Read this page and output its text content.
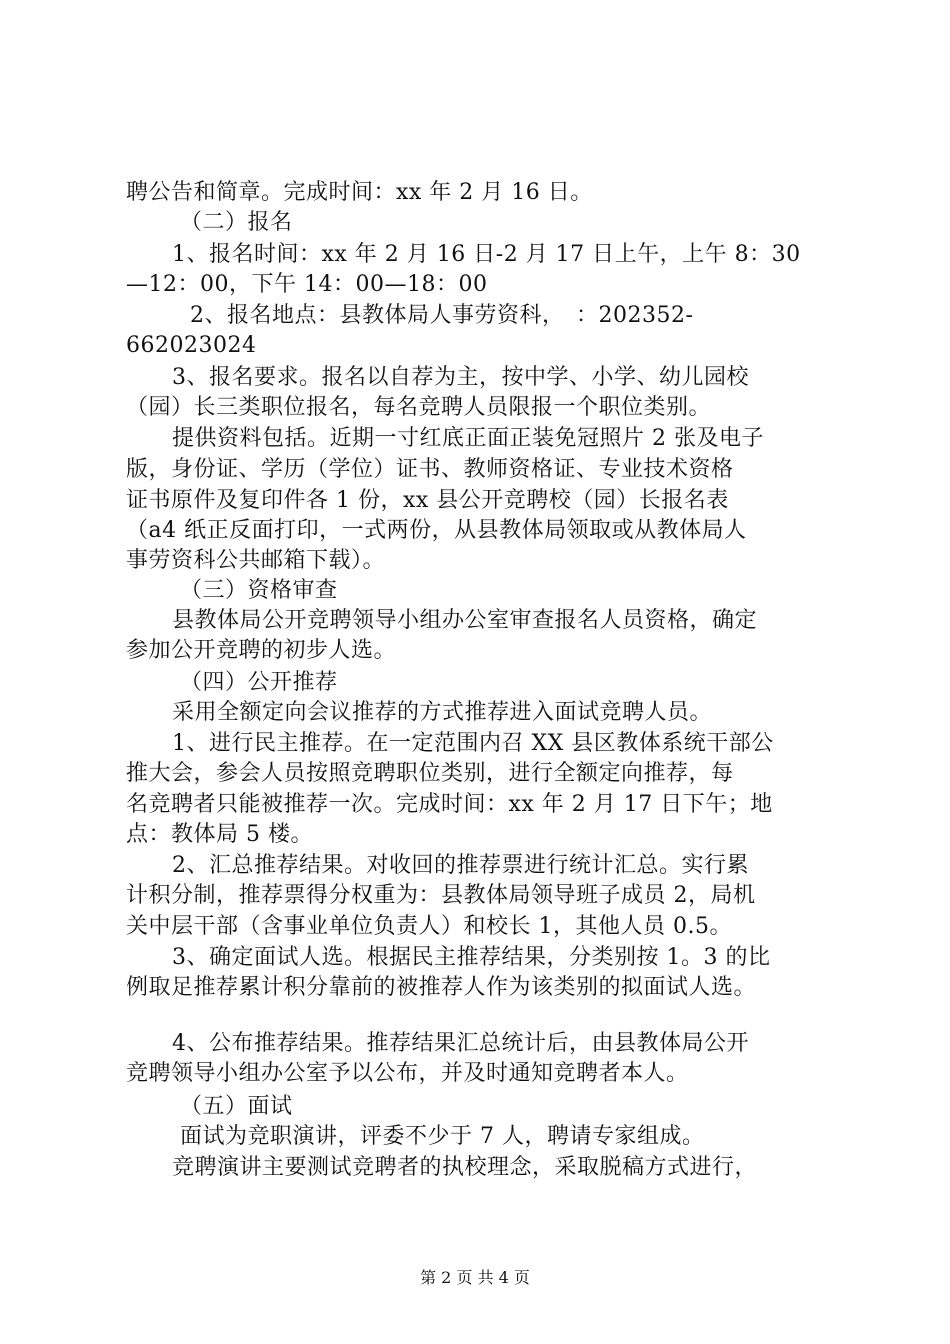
聘公告和简章。完成时间：xx 年 2 月 16 日。
（二）报名
1、报名时间：xx 年 2 月 16 日-2 月 17 日上午，上午 8：30
—12：00，下午 14：00—18：00
2、报名地点：县教体局人事劳资科， ：202352-
662023024
3、报名要求。报名以自荐为主，按中学、小学、幼儿园校
（园）长三类职位报名，每名竞聘人员限报一个职位类别。
提供资料包括。近期一寸红底正面正装免冠照片 2 张及电子
版，身份证、学历（学位）证书、教师资格证、专业技术资格
证书原件及复印件各 1 份，xx 县公开竞聘校（园）长报名表
（a4 纸正反面打印，一式两份，从县教体局领取或从教体局人
事劳资科公共邮箱下载）。
（三）资格审查
县教体局公开竞聘领导小组办公室审查报名人员资格，确定
参加公开竞聘的初步人选。
（四）公开推荐
采用全额定向会议推荐的方式推荐进入面试竞聘人员。
1、进行民主推荐。在一定范围内召 XX 县区教体系统干部公
推大会，参会人员按照竞聘职位类别，进行全额定向推荐，每
名竞聘者只能被推荐一次。完成时间：xx 年 2 月 17 日下午；地
点：教体局 5 楼。
2、汇总推荐结果。对收回的推荐票进行统计汇总。实行累
计积分制，推荐票得分权重为：县教体局领导班子成员 2，局机
关中层干部（含事业单位负责人）和校长 1，其他人员 0.5。
3、确定面试人选。根据民主推荐结果，分类别按 1。3 的比
例取足推荐累计积分靠前的被推荐人作为该类别的拟面试人选。
4、公布推荐结果。推荐结果汇总统计后，由县教体局公开
竞聘领导小组办公室予以公布，并及时通知竞聘者本人。
（五）面试
面试为竞职演讲，评委不少于 7 人，聘请专家组成。
竞聘演讲主要测试竞聘者的执校理念，采取脱稿方式进行，
第 2 页 共 4 页
